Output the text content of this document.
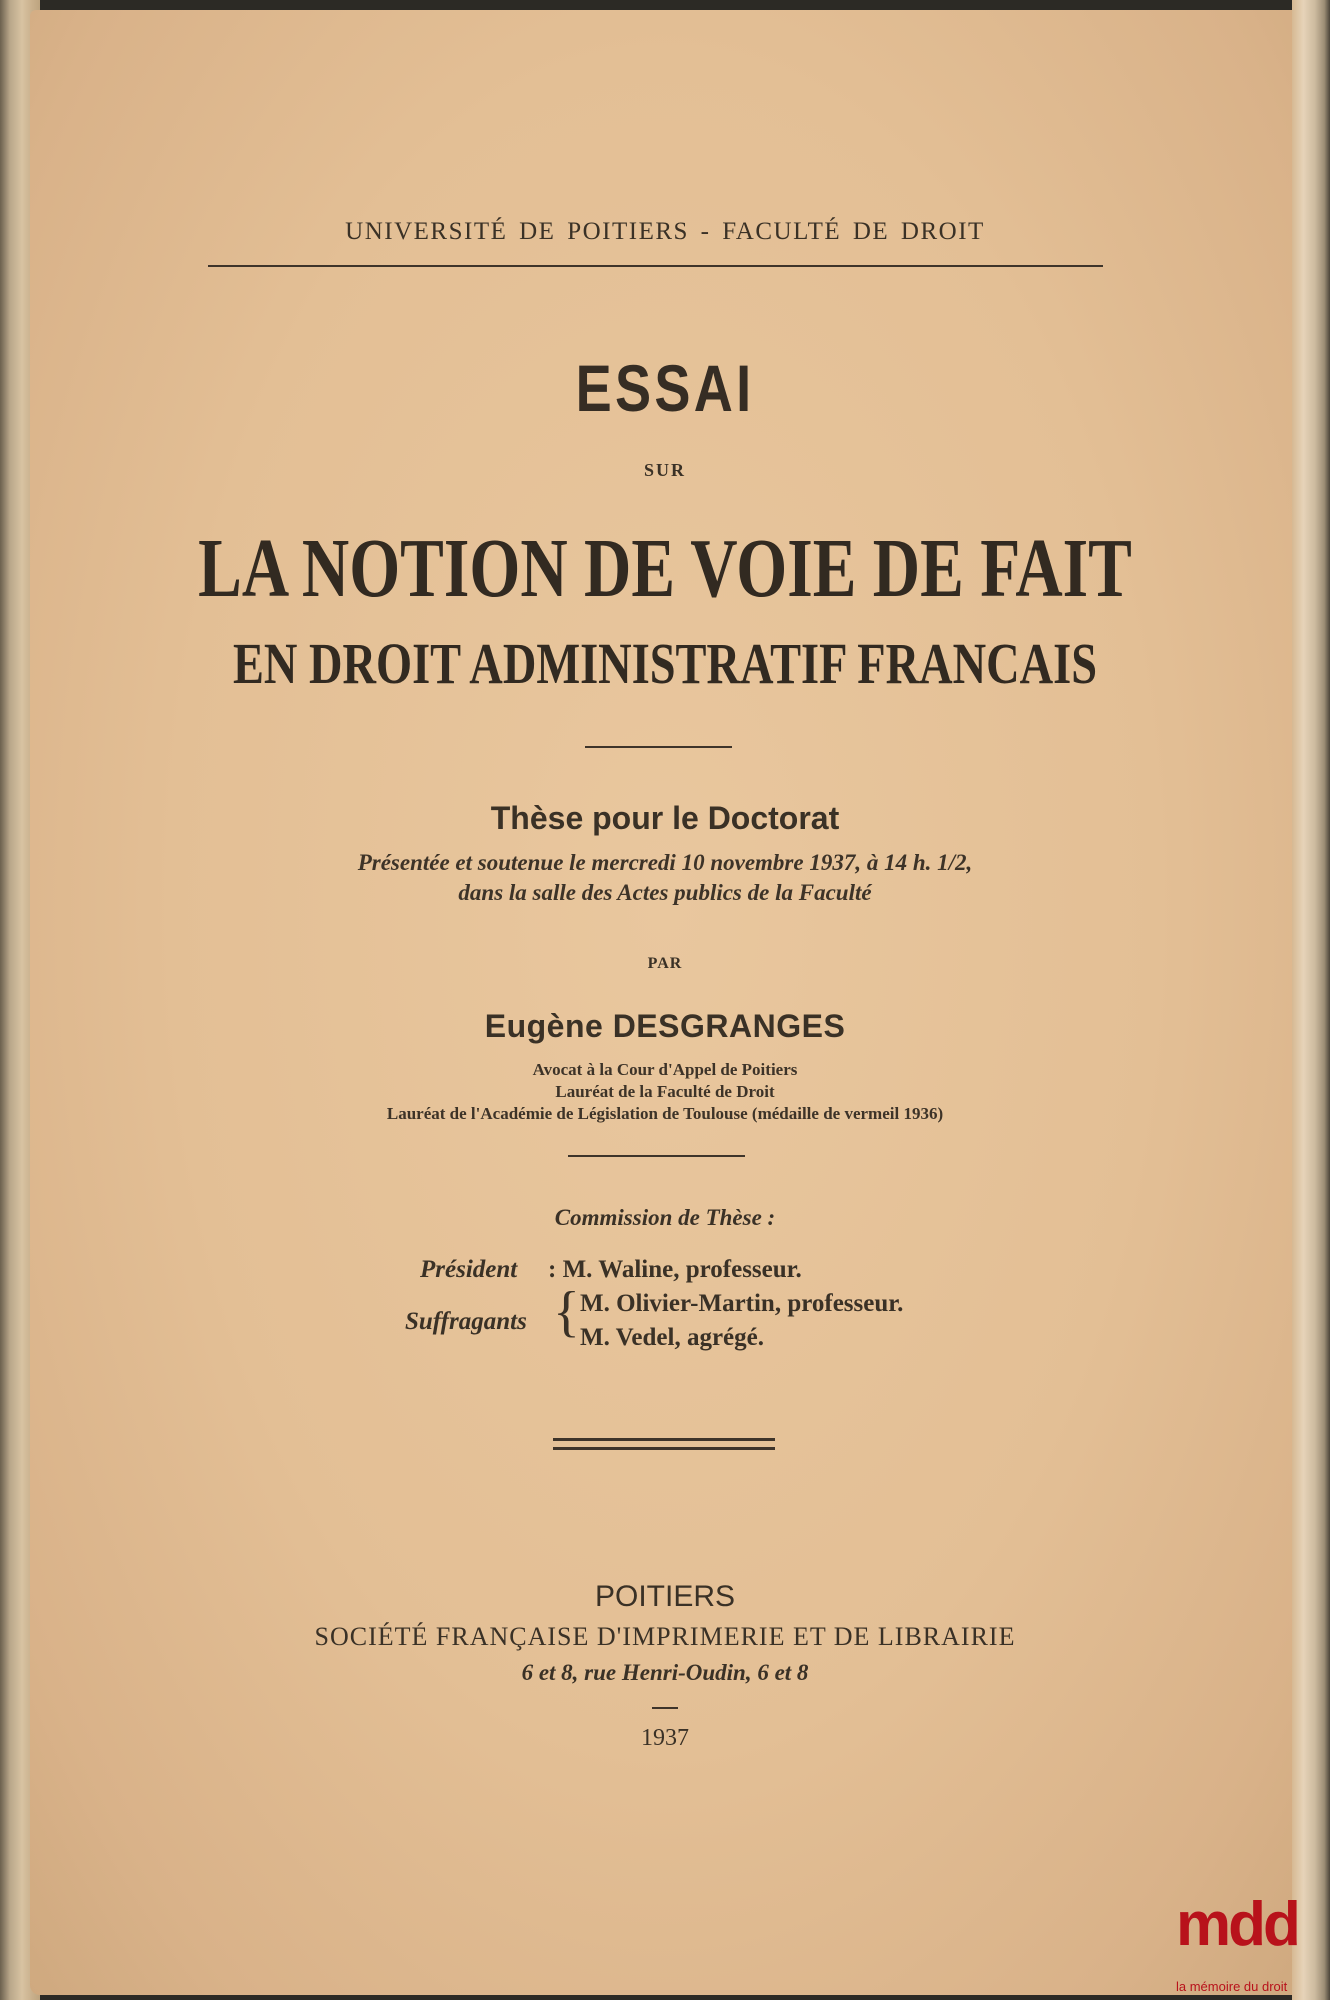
UNIVERSITÉ DE POITIERS - FACULTÉ DE DROIT
ESSAI
SUR
LA NOTION DE VOIE DE FAIT
EN DROIT ADMINISTRATIF FRANCAIS
Thèse pour le Doctorat
Présentée et soutenue le mercredi 10 novembre 1937, à 14 h. 1/2,
dans la salle des Actes publics de la Faculté
PAR
Eugène DESGRANGES
Avocat à la Cour d'Appel de Poitiers
Lauréat de la Faculté de Droit
Lauréat de l'Académie de Législation de Toulouse (médaille de vermeil 1936)
Commission de Thèse :
Président : M. Waline, professeur.
Suffragants { M. Olivier-Martin, professeur.
M. Vedel, agrégé.
POITIERS
SOCIÉTÉ FRANÇAISE D'IMPRIMERIE ET DE LIBRAIRIE
6 et 8, rue Henri-Oudin, 6 et 8
1937
mdd
la mémoire du droit
